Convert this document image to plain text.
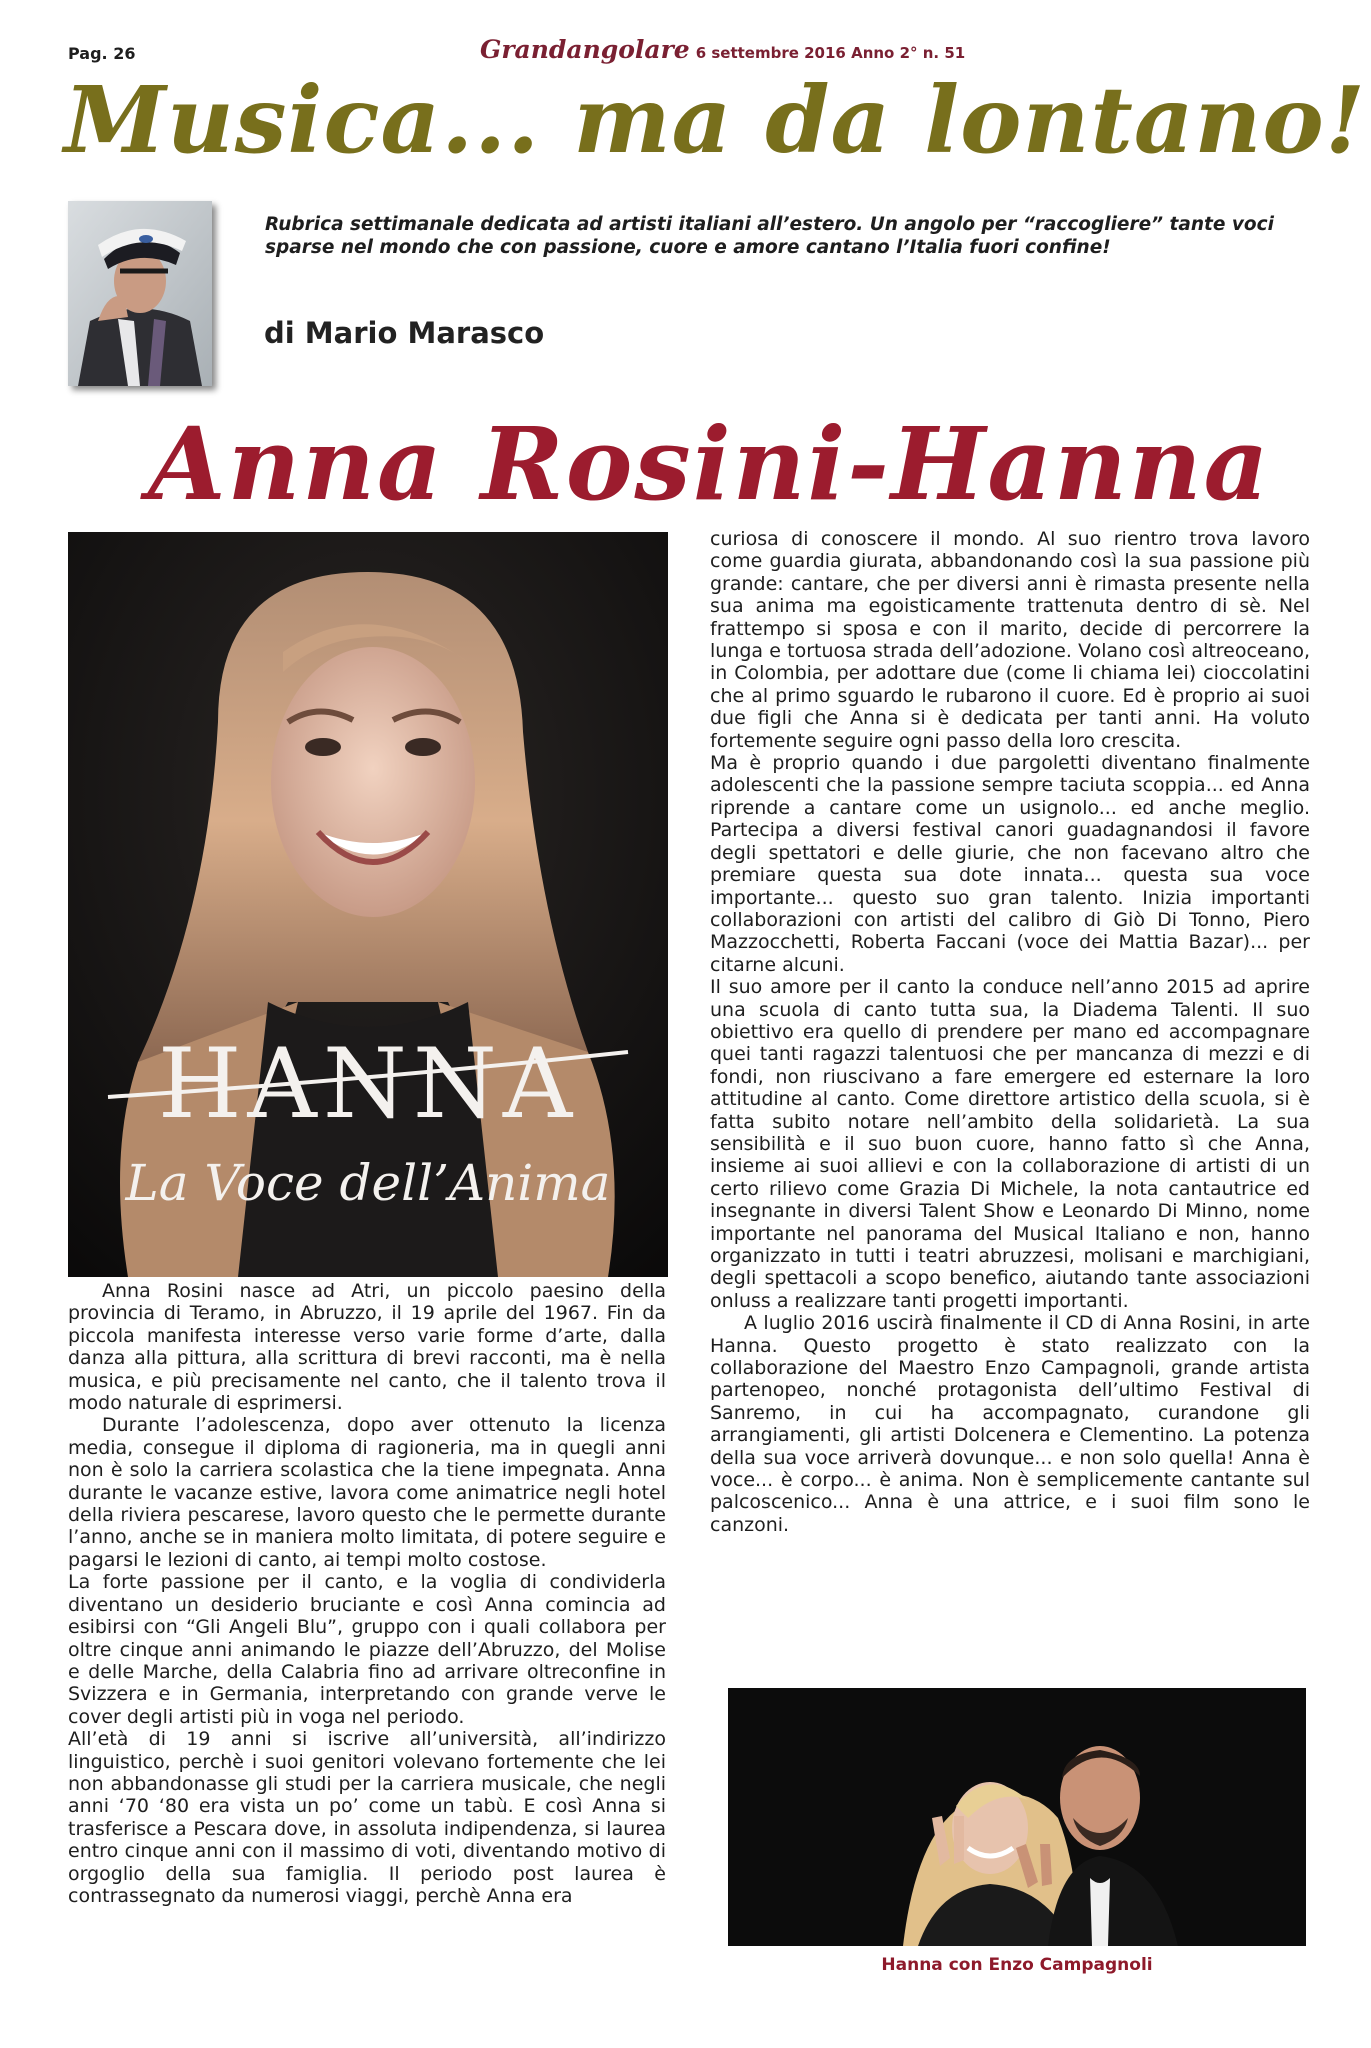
Pag. 26	Grandangolare 6 settembre 2016 Anno 2° n. 51
Musica... ma da lontano!
Rubrica settimanale dedicata ad artisti italiani all’estero. Un angolo per “raccogliere” tante voci sparse nel mondo che con passione, cuore e amore cantano l’Italia fuori confine!
di Mario Marasco
Anna Rosini-Hanna
HANNA
La Voce dell’Anima

Anna Rosini nasce ad Atri, un piccolo paesino della provincia di Teramo, in Abruzzo, il 19 aprile del 1967. Fin da piccola manifesta interesse verso varie forme d’arte, dalla danza alla pittura, alla scrittura di brevi racconti, ma è nella musica, e più precisamente nel canto, che il talento trova il modo naturale di esprimersi.

Durante l’adolescenza, dopo aver ottenuto la licenza media, consegue il diploma di ragioneria, ma in quegli anni non è solo la carriera scolastica che la tiene impegnata. Anna durante le vacanze estive, lavora come animatrice negli hotel della riviera pescarese, lavoro questo che le permette durante l’anno, anche se in maniera molto limitata, di potere seguire e pagarsi le lezioni di canto, ai tempi molto costose.

La forte passione per il canto, e la voglia di condividerla diventano un desiderio bruciante e così Anna comincia ad esibirsi con “Gli Angeli Blu”, gruppo con i quali collabora per oltre cinque anni animando le piazze dell’Abruzzo, del Molise e delle Marche, della Calabria fino ad arrivare oltreconfine in Svizzera e in Germania, interpretando con grande verve le cover degli artisti più in voga nel periodo.

All’età di 19 anni si iscrive all’università, all’indirizzo linguistico, perchè i suoi genitori volevano fortemente che lei non abbandonasse gli studi per la carriera musicale, che negli anni ‘70 ‘80 era vista un po’ come un tabù. E così Anna si trasferisce a Pescara dove, in assoluta indipendenza, si laurea entro cinque anni con il massimo di voti, diventando motivo di orgoglio della sua famiglia. Il periodo post laurea è contrassegnato da numerosi viaggi, perchè Anna era

curiosa di conoscere il mondo. Al suo rientro trova lavoro come guardia giurata, abbandonando così la sua passione più grande: cantare, che per diversi anni è rimasta presente nella sua anima ma egoisticamente trattenuta dentro di sè. Nel frattempo si sposa e con il marito, decide di percorrere la lunga e tortuosa strada dell’adozione. Volano così altreoceano, in Colombia, per adottare due (come li chiama lei) cioccolatini che al primo sguardo le rubarono il cuore. Ed è proprio ai suoi due figli che Anna si è dedicata per tanti anni. Ha voluto fortemente seguire ogni passo della loro crescita.

Ma è proprio quando i due pargoletti diventano finalmente adolescenti che la passione sempre taciuta scoppia... ed Anna riprende a cantare come un usignolo... ed anche meglio. Partecipa a diversi festival canori guadagnandosi il favore degli spettatori e delle giurie, che non facevano altro che premiare questa sua dote innata... questa sua voce importante... questo suo gran talento. Inizia importanti collaborazioni con artisti del calibro di Giò Di Tonno, Piero Mazzocchetti, Roberta Faccani (voce dei Mattia Bazar)... per citarne alcuni.

Il suo amore per il canto la conduce nell’anno 2015 ad aprire una scuola di canto tutta sua, la Diadema Talenti. Il suo obiettivo era quello di prendere per mano ed accompagnare quei tanti ragazzi talentuosi che per mancanza di mezzi e di fondi, non riuscivano a fare emergere ed esternare la loro attitudine al canto. Come direttore artistico della scuola, si è fatta subito notare nell’ambito della solidarietà. La sua sensibilità e il suo buon cuore, hanno fatto sì che Anna, insieme ai suoi allievi e con la collaborazione di artisti di un certo rilievo come Grazia Di Michele, la nota cantautrice ed insegnante in diversi Talent Show e Leonardo Di Minno, nome importante nel panorama del Musical Italiano e non, hanno organizzato in tutti i teatri abruzzesi, molisani e marchigiani, degli spettacoli a scopo benefico, aiutando tante associazioni onluss a realizzare tanti progetti importanti.

A luglio 2016 uscirà finalmente il CD di Anna Rosini, in arte Hanna. Questo progetto è stato realizzato con la collaborazione del Maestro Enzo Campagnoli, grande artista partenopeo, nonché protagonista dell’ultimo Festival di Sanremo, in cui ha accompagnato, curandone gli arrangiamenti, gli artisti Dolcenera e Clementino. La potenza della sua voce arriverà dovunque... e non solo quella! Anna è voce... è corpo... è anima. Non è semplicemente cantante sul palcoscenico... Anna è una attrice, e i suoi film sono le canzoni.

Hanna con Enzo Campagnoli
